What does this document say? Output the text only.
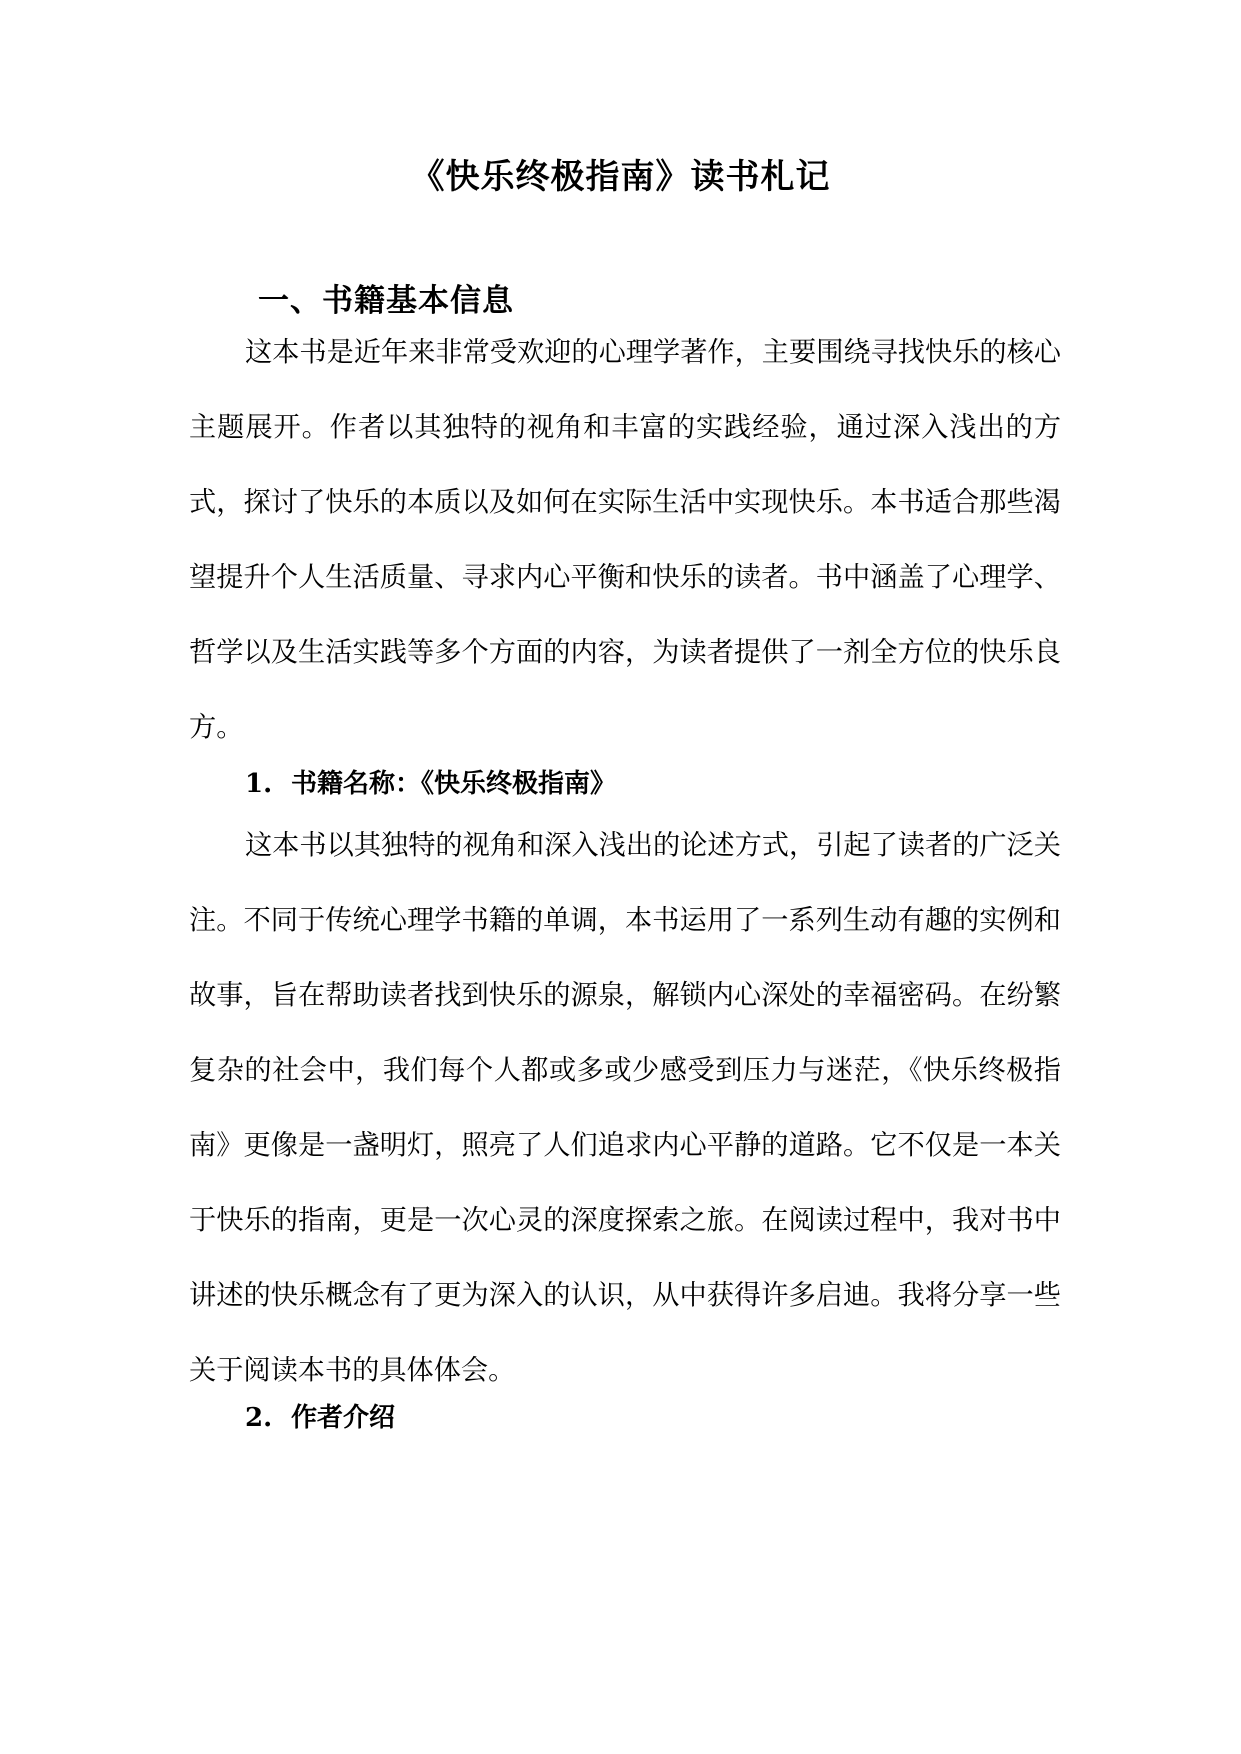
《快乐终极指南》读书札记
一、书籍基本信息

这本书是近年来非常受欢迎的心理学著作，主要围绕寻找快乐的核心主题展开。作者以其独特的视角和丰富的实践经验，通过深入浅出的方式，探讨了快乐的本质以及如何在实际生活中实现快乐。本书适合那些渴望提升个人生活质量、寻求内心平衡和快乐的读者。书中涵盖了心理学、哲学以及生活实践等多个方面的内容，为读者提供了一剂全方位的快乐良方。

1. 书籍名称：《快乐终极指南》

这本书以其独特的视角和深入浅出的论述方式，引起了读者的广泛关注。不同于传统心理学书籍的单调，本书运用了一系列生动有趣的实例和故事，旨在帮助读者找到快乐的源泉，解锁内心深处的幸福密码。在纷繁复杂的社会中，我们每个人都或多或少感受到压力与迷茫，《快乐终极指南》更像是一盏明灯，照亮了人们追求内心平静的道路。它不仅是一本关于快乐的指南，更是一次心灵的深度探索之旅。在阅读过程中，我对书中讲述的快乐概念有了更为深入的认识，从中获得许多启迪。我将分享一些关于阅读本书的具体体会。

2. 作者介绍
